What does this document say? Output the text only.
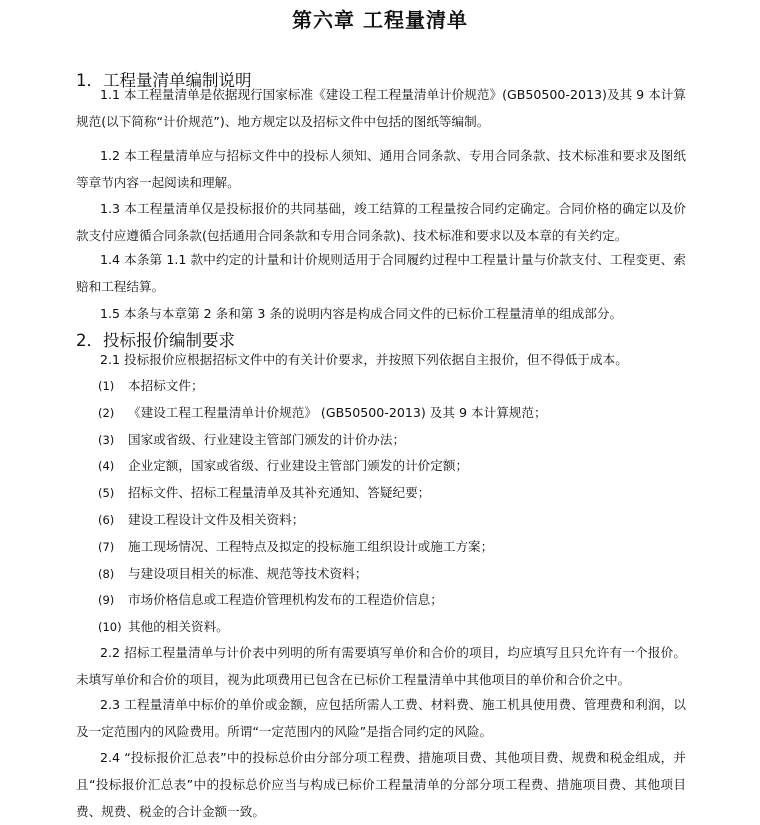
第六章 工程量清单
1．工程量清单编制说明

1.1 本工程量清单是依据现行国家标准《建设工程工程量清单计价规范》(GB50500-2013)及其 9 本计算规范(以下简称“计价规范”)、地方规定以及招标文件中包括的图纸等编制。

1.2 本工程量清单应与招标文件中的投标人须知、通用合同条款、专用合同条款、技术标准和要求及图纸等章节内容一起阅读和理解。

1.3 本工程量清单仅是投标报价的共同基础，竣工结算的工程量按合同约定确定。合同价格的确定以及价款支付应遵循合同条款(包括通用合同条款和专用合同条款)、技术标准和要求以及本章的有关约定。

1.4 本条第 1.1 款中约定的计量和计价规则适用于合同履约过程中工程量计量与价款支付、工程变更、索赔和工程结算。

1.5 本条与本章第 2 条和第 3 条的说明内容是构成合同文件的已标价工程量清单的组成部分。

2．投标报价编制要求

2.1 投标报价应根据招标文件中的有关计价要求，并按照下列依据自主报价，但不得低于成本。

(1) 本招标文件；
(2) 《建设工程工程量清单计价规范》 (GB50500-2013) 及其 9 本计算规范；
(3) 国家或省级、行业建设主管部门颁发的计价办法；
(4) 企业定额，国家或省级、行业建设主管部门颁发的计价定额；
(5) 招标文件、招标工程量清单及其补充通知、答疑纪要；
(6) 建设工程设计文件及相关资料；
(7) 施工现场情况、工程特点及拟定的投标施工组织设计或施工方案；
(8) 与建设项目相关的标准、规范等技术资料；
(9) 市场价格信息或工程造价管理机构发布的工程造价信息；
(10) 其他的相关资料。

2.2 招标工程量清单与计价表中列明的所有需要填写单价和合价的项目，均应填写且只允许有一个报价。未填写单价和合价的项目，视为此项费用已包含在已标价工程量清单中其他项目的单价和合价之中。

2.3 工程量清单中标价的单价或金额，应包括所需人工费、材料费、施工机具使用费、管理费和利润，以及一定范围内的风险费用。所谓“一定范围内的风险”是指合同约定的风险。

2.4 “投标报价汇总表”中的投标总价由分部分项工程费、措施项目费、其他项目费、规费和税金组成，并且“投标报价汇总表”中的投标总价应当与构成已标价工程量清单的分部分项工程费、措施项目费、其他项目费、规费、税金的合计金额一致。
